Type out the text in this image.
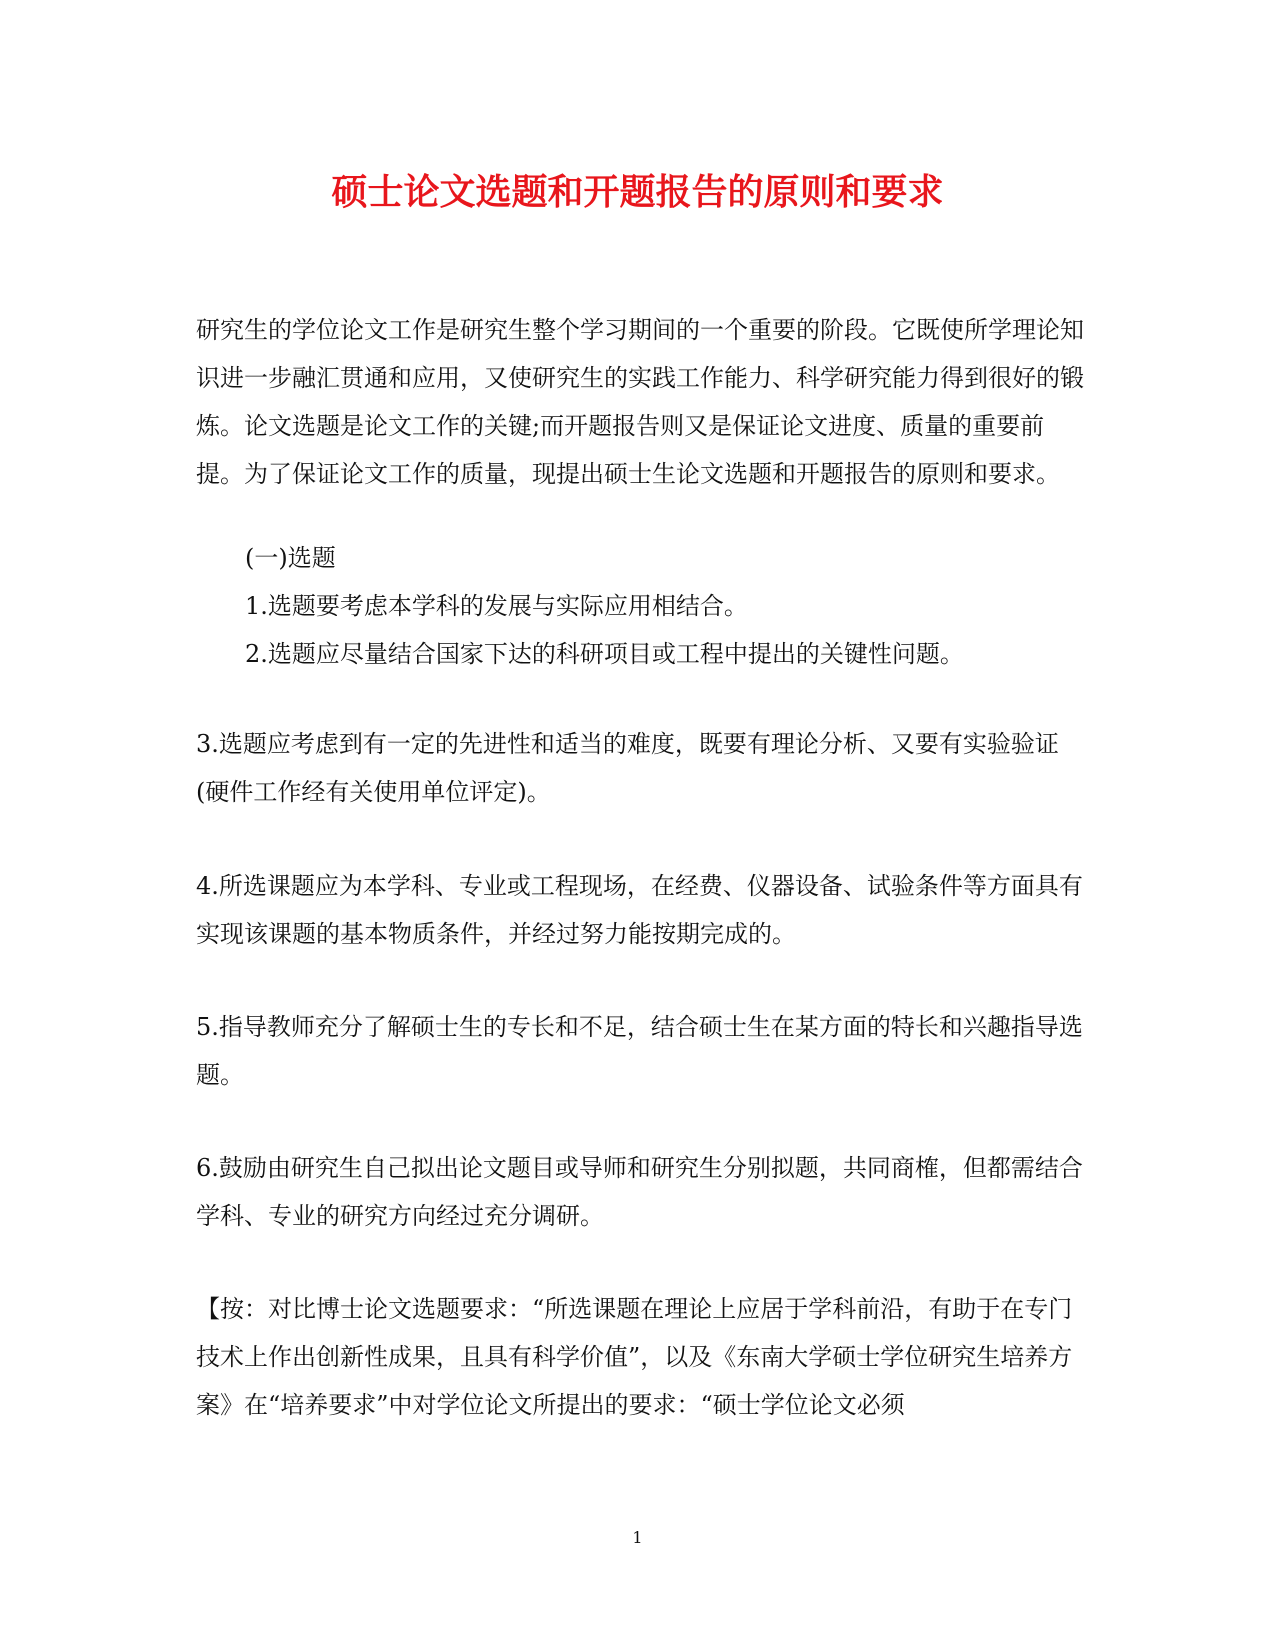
硕士论文选题和开题报告的原则和要求

研究生的学位论文工作是研究生整个学习期间的一个重要的阶段。它既使所学理论知识进一步融汇贯通和应用，又使研究生的实践工作能力、科学研究能力得到很好的锻炼。论文选题是论文工作的关键;而开题报告则又是保证论文进度、质量的重要前提。为了保证论文工作的质量，现提出硕士生论文选题和开题报告的原则和要求。

(一)选题

1.选题要考虑本学科的发展与实际应用相结合。

2.选题应尽量结合国家下达的科研项目或工程中提出的关键性问题。

3.选题应考虑到有一定的先进性和适当的难度，既要有理论分析、又要有实验验证(硬件工作经有关使用单位评定)。

4.所选课题应为本学科、专业或工程现场，在经费、仪器设备、试验条件等方面具有实现该课题的基本物质条件，并经过努力能按期完成的。

5.指导教师充分了解硕士生的专长和不足，结合硕士生在某方面的特长和兴趣指导选题。

6.鼓励由研究生自己拟出论文题目或导师和研究生分别拟题，共同商榷，但都需结合学科、专业的研究方向经过充分调研。

【按：对比博士论文选题要求：“所选课题在理论上应居于学科前沿，有助于在专门技术上作出创新性成果，且具有科学价值”，以及《东南大学硕士学位研究生培养方案》在“培养要求”中对学位论文所提出的要求：“硕士学位论文必须

1
